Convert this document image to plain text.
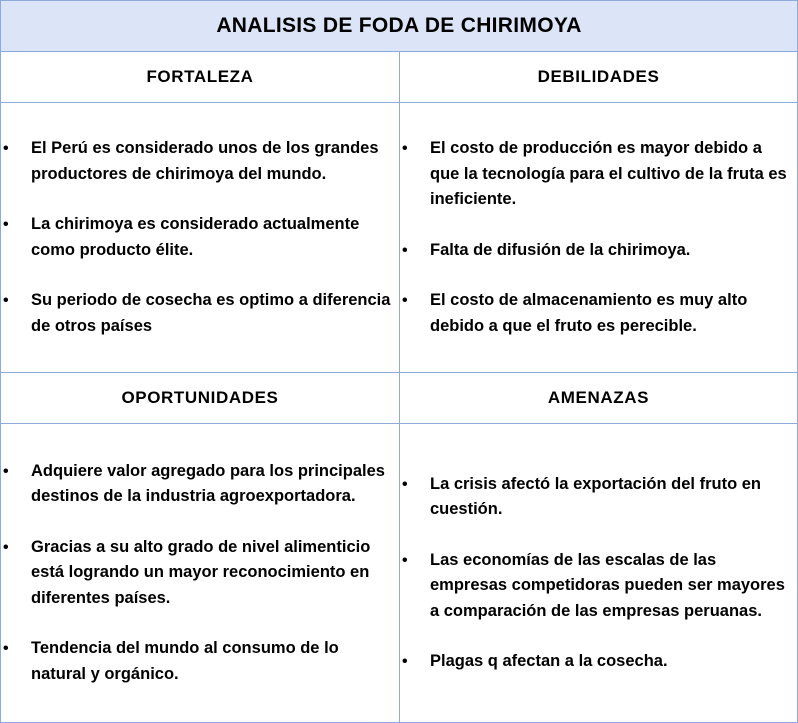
ANALISIS DE FODA DE CHIRIMOYA
FORTALEZA	DEBILIDADES
• El Perú es considerado unos de los grandes productores de chirimoya del mundo.
• La chirimoya es considerado actualmente como producto élite.
• Su periodo de cosecha es optimo a diferencia de otros países
• El costo de producción es mayor debido a que la tecnología para el cultivo de la fruta es ineficiente.
• Falta de difusión de la chirimoya.
• El costo de almacenamiento es muy alto debido a que el fruto es perecible.
OPORTUNIDADES	AMENAZAS
• Adquiere valor agregado para los principales destinos de la industria agroexportadora.
• Gracias a su alto grado de nivel alimenticio está logrando un mayor reconocimiento en diferentes países.
• Tendencia del mundo al consumo de lo natural y orgánico.
• La crisis afectó la exportación del fruto en cuestión.
• Las economías de las escalas de las empresas competidoras pueden ser mayores a comparación de las empresas peruanas.
• Plagas q afectan a la cosecha.
